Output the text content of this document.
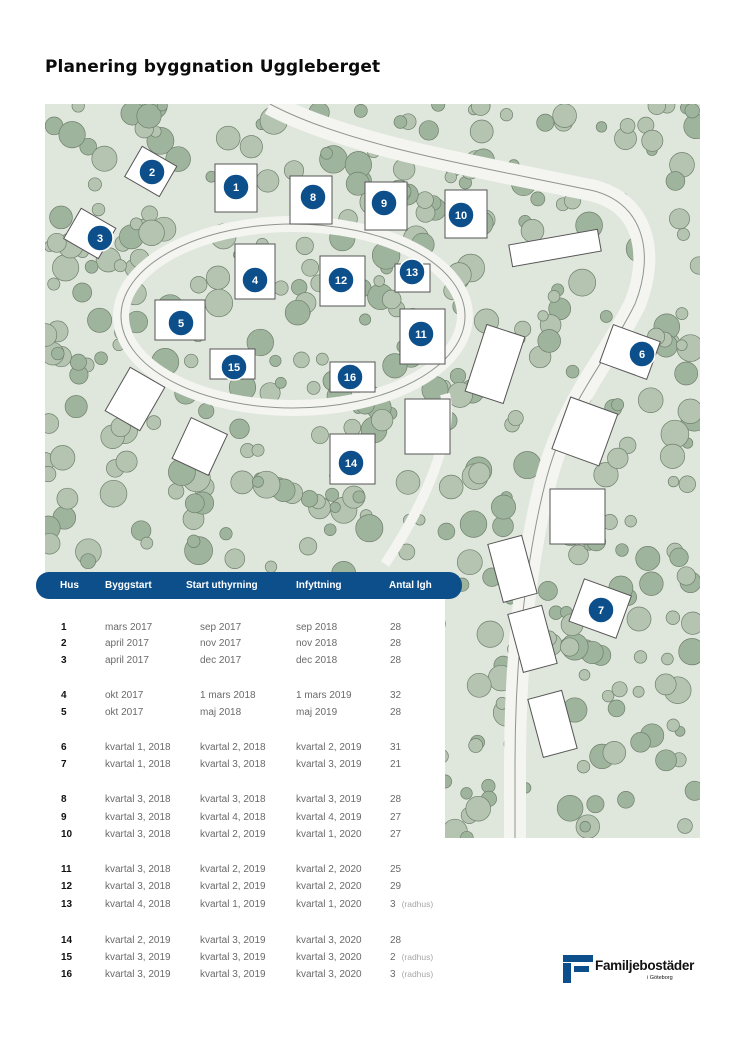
Planering byggnation Uggleberget
1
2
3
4
5
6
7
8	9
10
11
12
13
14
15
16
Hus	Byggstart	Start uthyrning	Infyttning	Antal lgh
1	mars 2017	sep 2017	sep 2018	28
2	april 2017	nov 2017	nov 2018	28
3	april 2017	dec 2017	dec 2018	28
4	okt 2017	1 mars 2018	1 mars 2019	32
5	okt 2017	maj 2018	maj 2019	28
6	kvartal 1, 2018	kvartal 2, 2018	kvartal 2, 2019	31
7	kvartal 1, 2018	kvartal 3, 2018	kvartal 3, 2019	21
8	kvartal 3, 2018	kvartal 3, 2018	kvartal 3, 2019	28
9	kvartal 3, 2018	kvartal 4, 2018	kvartal 4, 2019	27
10	kvartal 3, 2018	kvartal 2, 2019	kvartal 1, 2020	27
11	kvartal 3, 2018	kvartal 2, 2019	kvartal 2, 2020	25
12	kvartal 3, 2018	kvartal 2, 2019	kvartal 2, 2020	29
13	kvartal 4, 2018	kvartal 1, 2019	kvartal 1, 2020	3 (radhus)
14	kvartal 2, 2019	kvartal 3, 2019	kvartal 3, 2020	28
15	kvartal 3, 2019	kvartal 3, 2019	kvartal 3, 2020	2 (radhus)
16	kvartal 3, 2019	kvartal 3, 2019	kvartal 3, 2020	3 (radhus)
Familjebostäder
i Göteborg
